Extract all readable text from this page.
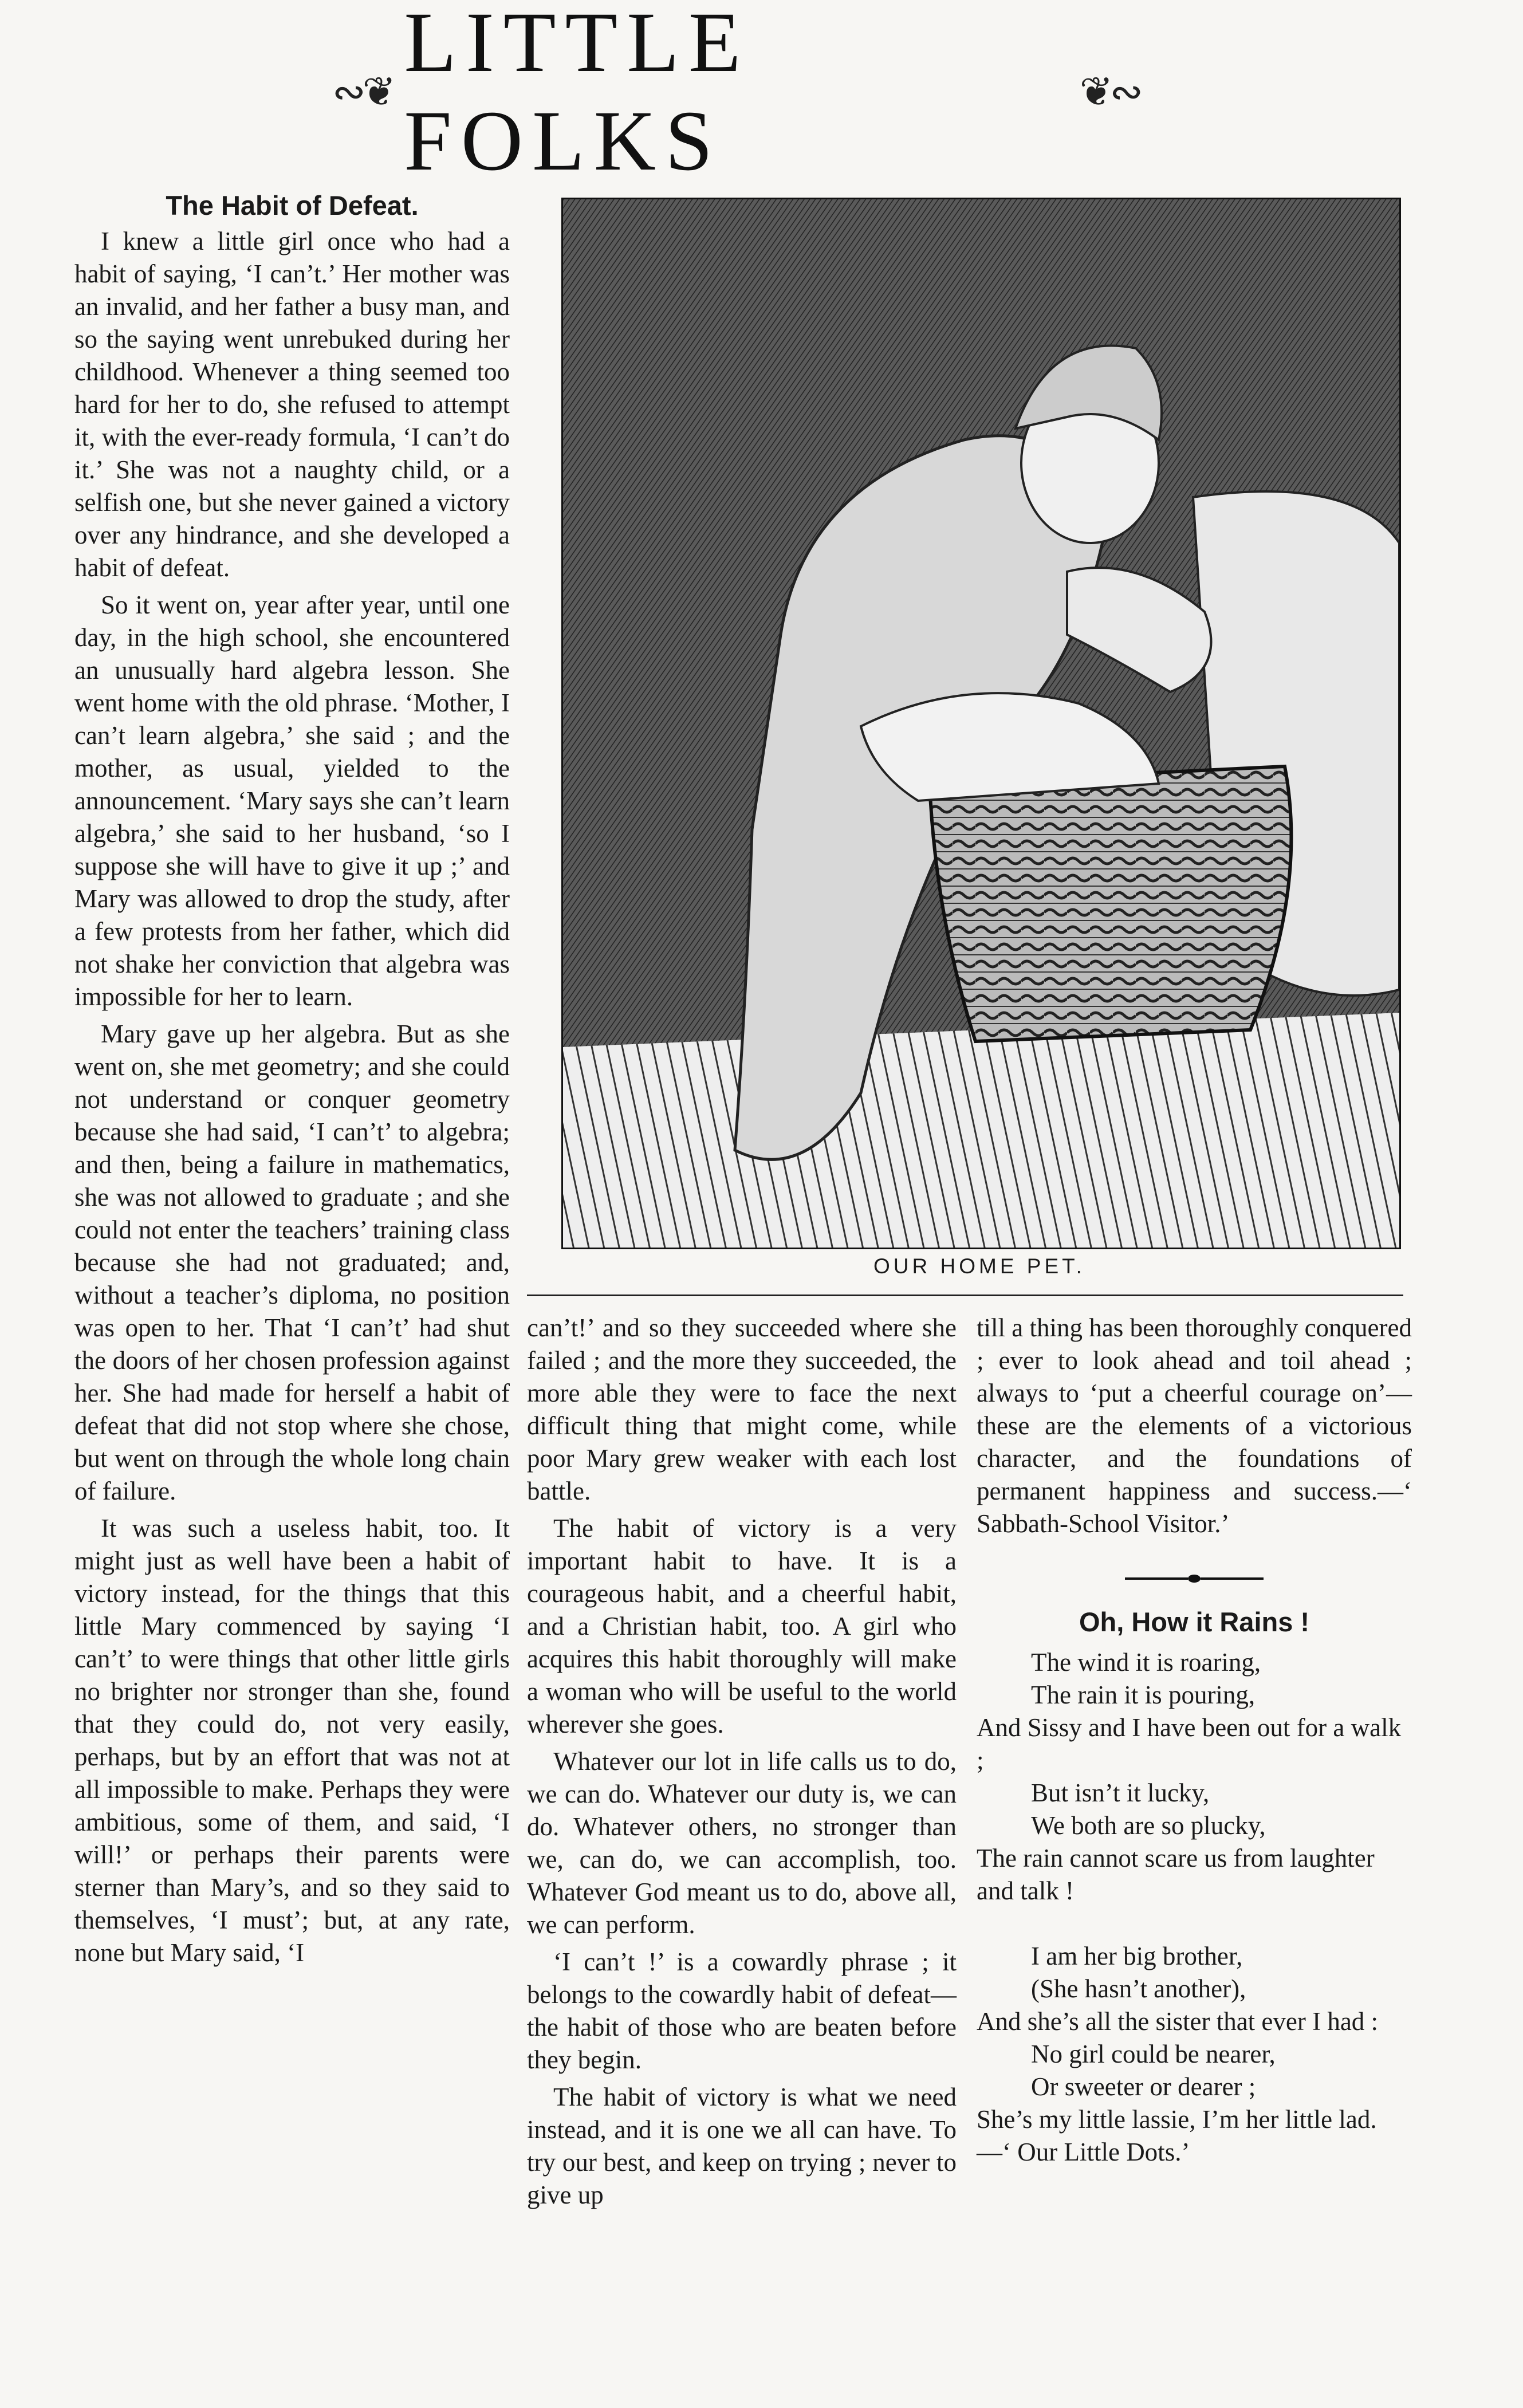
∾❦
LITTLE FOLKS
❦∾
The Habit of Defeat.

I knew a little girl once who had a habit of saying, ‘I can’t.’ Her mother was an invalid, and her father a busy man, and so the saying went unrebuked during her childhood. Whenever a thing seemed too hard for her to do, she refused to attempt it, with the ever-ready formula, ‘I can’t do it.’ She was not a naughty child, or a selfish one, but she never gained a victory over any hindrance, and she developed a habit of defeat.

So it went on, year after year, until one day, in the high school, she encountered an unusually hard algebra lesson. She went home with the old phrase. ‘Mother, I can’t learn algebra,’ she said ; and the mother, as usual, yielded to the announcement. ‘Mary says she can’t learn algebra,’ she said to her husband, ‘so I suppose she will have to give it up ;’ and Mary was allowed to drop the study, after a few protests from her father, which did not shake her conviction that algebra was impossible for her to learn.

Mary gave up her algebra. But as she went on, she met geometry; and she could not understand or conquer geometry because she had said, ‘I can’t’ to algebra; and then, being a failure in mathematics, she was not allowed to graduate ; and she could not enter the teachers’ training class because she had not graduated; and, without a teacher’s diploma, no position was open to her. That ‘I can’t’ had shut the doors of her chosen profession against her. She had made for herself a habit of defeat that did not stop where she chose, but went on through the whole long chain of failure.

It was such a useless habit, too. It might just as well have been a habit of victory instead, for the things that this little Mary commenced by saying ‘I can’t’ to were things that other little girls no brighter nor stronger than she, found that they could do, not very easily, perhaps, but by an effort that was not at all impossible to make. Perhaps they were ambitious, some of them, and said, ‘I will!’ or perhaps their parents were sterner than Mary’s, and so they said to themselves, ‘I must’; but, at any rate, none but Mary said, ‘I

OUR HOME PET.

can’t!’ and so they succeeded where she failed ; and the more they succeeded, the more able they were to face the next difficult thing that might come, while poor Mary grew weaker with each lost battle.

The habit of victory is a very important habit to have. It is a courageous habit, and a cheerful habit, and a Christian habit, too. A girl who acquires this habit thoroughly will make a woman who will be useful to the world wherever she goes.

Whatever our lot in life calls us to do, we can do. Whatever our duty is, we can do. Whatever others, no stronger than we, can do, we can accomplish, too. Whatever God meant us to do, above all, we can perform.

‘I can’t !’ is a cowardly phrase ; it belongs to the cowardly habit of defeat—the habit of those who are beaten before they begin.

The habit of victory is what we need instead, and it is one we all can have. To try our best, and keep on trying ; never to give up

till a thing has been thoroughly conquered ; ever to look ahead and toil ahead ; always to ‘put a cheerful courage on’—these are the elements of a victorious character, and the foundations of permanent happiness and success.—‘ Sabbath-School Visitor.’

Oh, How it Rains !
The wind it is roaring,
The rain it is pouring,
And Sissy and I have been out for a walk ;
But isn’t it lucky,
We both are so plucky,
The rain cannot scare us from laughter and talk !
I am her big brother,
(She hasn’t another),
And she’s all the sister that ever I had :
No girl could be nearer,
Or sweeter or dearer ;
She’s my little lassie, I’m her little lad.
—‘ Our Little Dots.’
